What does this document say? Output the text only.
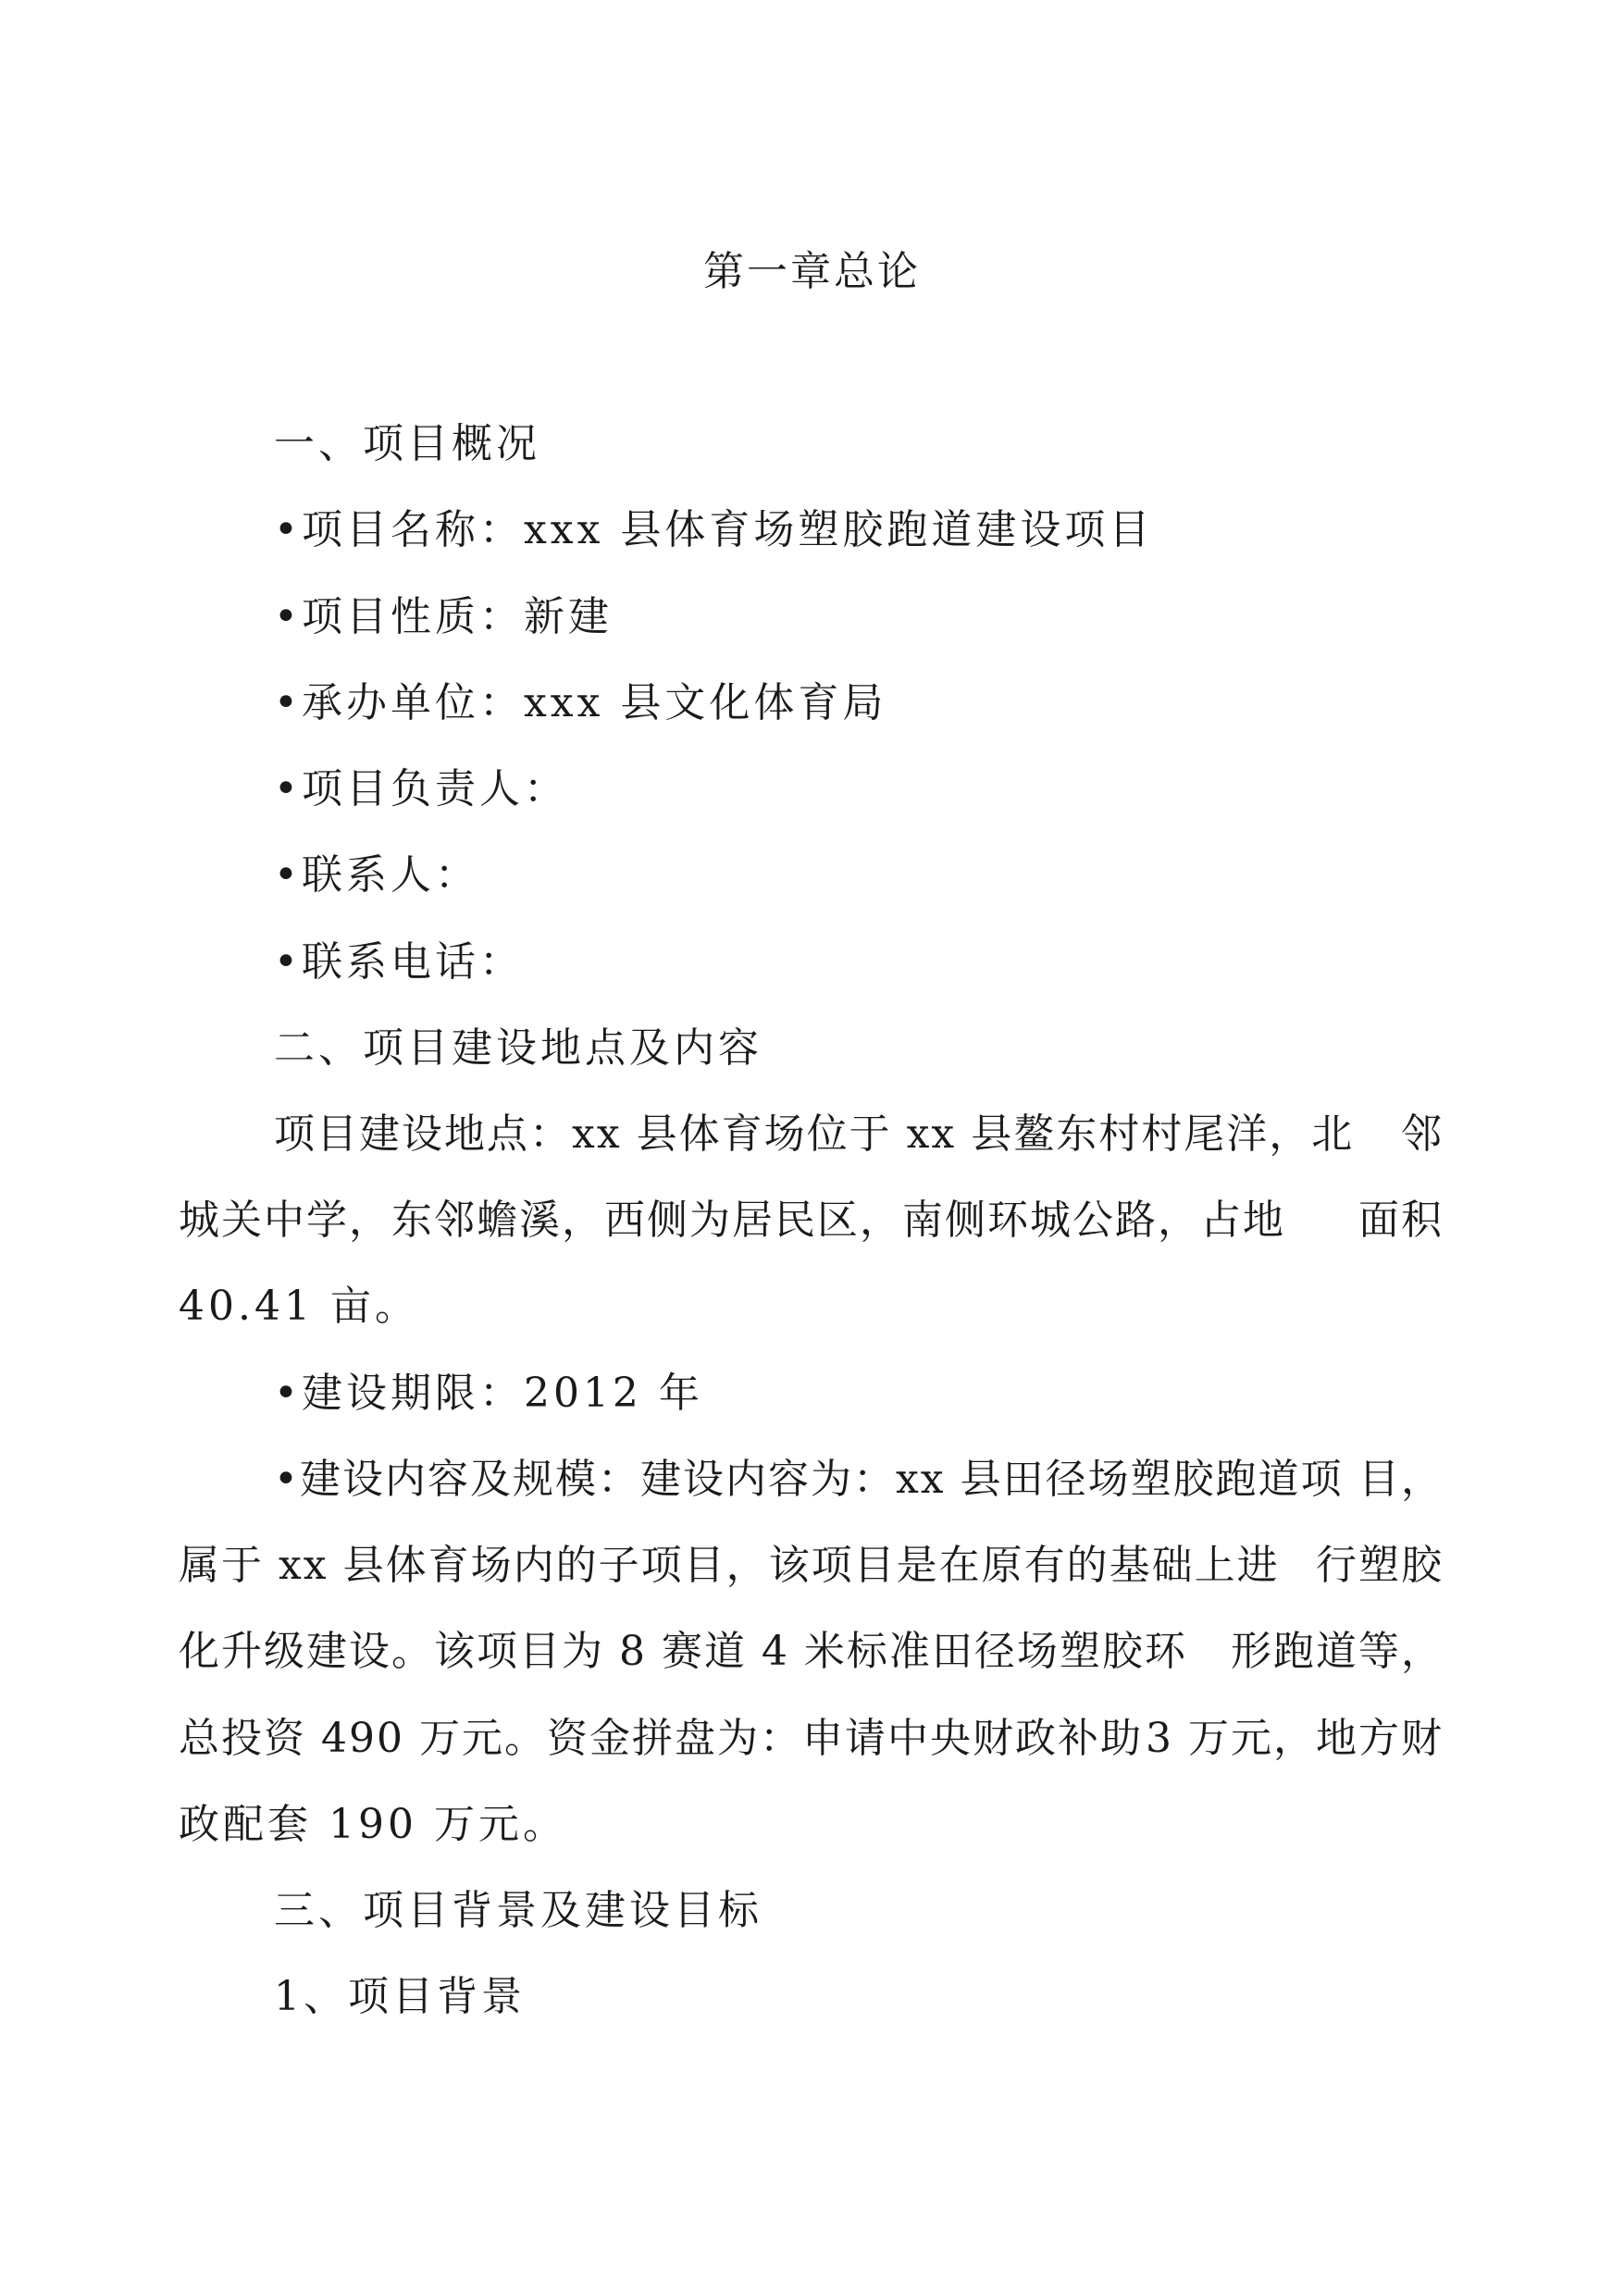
第一章总论
一、项目概况
•项目名称：xxx 县体育场塑胶跑道建设项目
•项目性质：新建
•承办单位：xxx 县文化体育局
•项目负责人：
•联系人：
•联系电话：
二、项目建设地点及内容
项目建设地点：xx 县体育场位于 xx 县鳌东村村尾洋，北 邻
城关中学，东邻蟾溪，西侧为居民区，南侧环城公路，占地 面积
40.41 亩。
•建设期限：2012 年
•建设内容及规模：建设内容为：xx 县田径场塑胶跑道项 目，
属于 xx 县体育场内的子项目，该项目是在原有的基础上进 行塑胶
化升级建设。该项目为 8 赛道 4 米标准田径场塑胶环 形跑道等，
总投资 490 万元。资金拼盘为：申请中央财政补助 3 万元，地方财
政配套 190 万元。
三、项目背景及建设目标
1、项目背景
